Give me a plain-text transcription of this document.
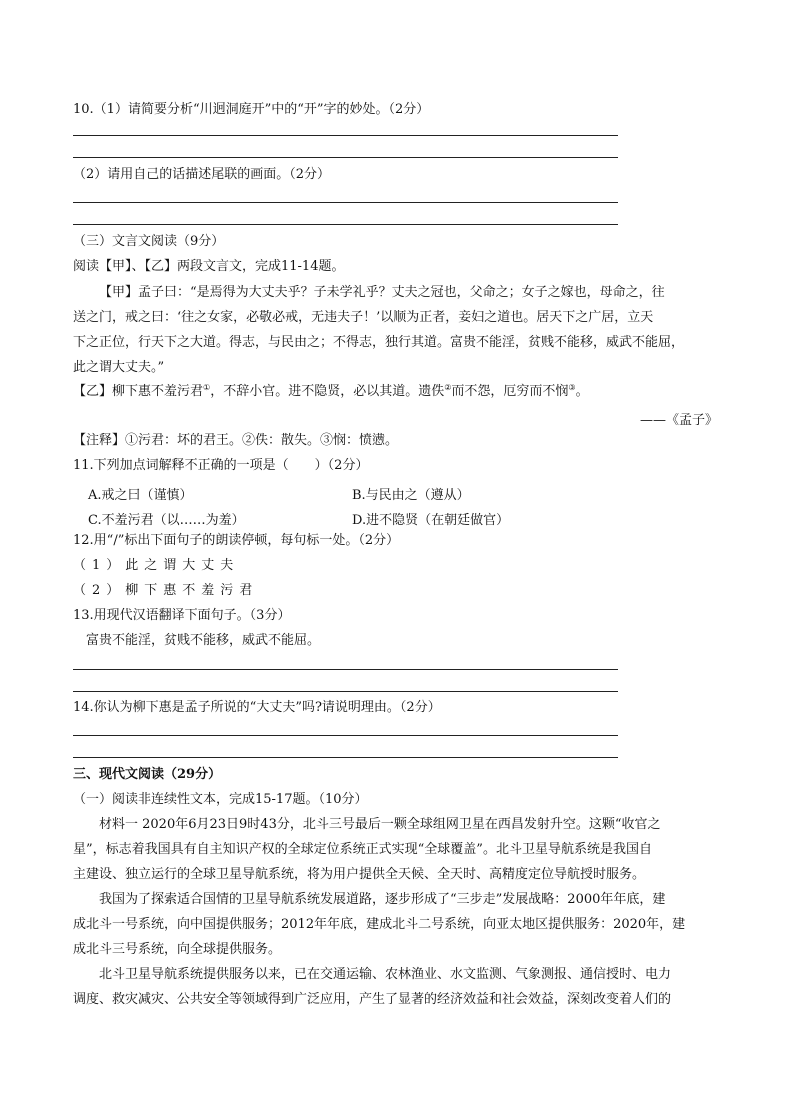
10.（1）请简要分析“川迥洞庭开”中的“开”字的妙处。（2分）
（2）请用自己的话描述尾联的画面。（2分）
（三）文言文阅读（9分）
阅读【甲】、【乙】两段文言文，完成11-14题。
【甲】孟子曰：“是焉得为大丈夫乎？子未学礼乎？丈夫之冠也，父命之；女子之嫁也，母命之，往
送之门，戒之曰：‘往之女家，必敬必戒，无违夫子！’以顺为正者，妾妇之道也。居天下之广居，立天
下之正位，行天下之大道。得志，与民由之；不得志，独行其道。富贵不能淫，贫贱不能移，威武不能屈，
此之谓大丈夫。”
【乙】柳下惠不羞污君①，不辞小官。进不隐贤，必以其道。遗佚②而不怨，厄穷而不悯③。
——《孟子》
【注释】①污君：坏的君王。②佚：散失。③悯：愤懑。
11.下列加点词解释不正确的一项是（　　）（2分）
A.戒之曰（谨慎）	B.与民由之（遵从）
C.不羞污君（以……为羞）	D.进不隐贤（在朝廷做官）
12.用“/”标出下面句子的朗读停顿，每句标一处。（2分）
（1）此之谓大丈夫
（2）柳下惠不羞污君
13.用现代汉语翻译下面句子。（3分）
富贵不能淫，贫贱不能移，威武不能屈。
14.你认为柳下惠是孟子所说的“大丈夫”吗?请说明理由。（2分）
三、现代文阅读（29分）
（一）阅读非连续性文本，完成15-17题。（10分）
材料一 2020年6月23日9时43分，北斗三号最后一颗全球组网卫星在西昌发射升空。这颗“收官之
星”，标志着我国具有自主知识产权的全球定位系统正式实现“全球覆盖”。北斗卫星导航系统是我国自
主建设、独立运行的全球卫星导航系统，将为用户提供全天候、全天时、高精度定位导航授时服务。
我国为了探索适合国情的卫星导航系统发展道路，逐步形成了“三步走”发展战略：2000年年底，建
成北斗一号系统，向中国提供服务；2012年年底，建成北斗二号系统，向亚太地区提供服务：2020年，建
成北斗三号系统，向全球提供服务。
北斗卫星导航系统提供服务以来，已在交通运输、农林渔业、水文监测、气象测报、通信授时、电力
调度、救灾减灾、公共安全等领域得到广泛应用，产生了显著的经济效益和社会效益，深刻改变着人们的
